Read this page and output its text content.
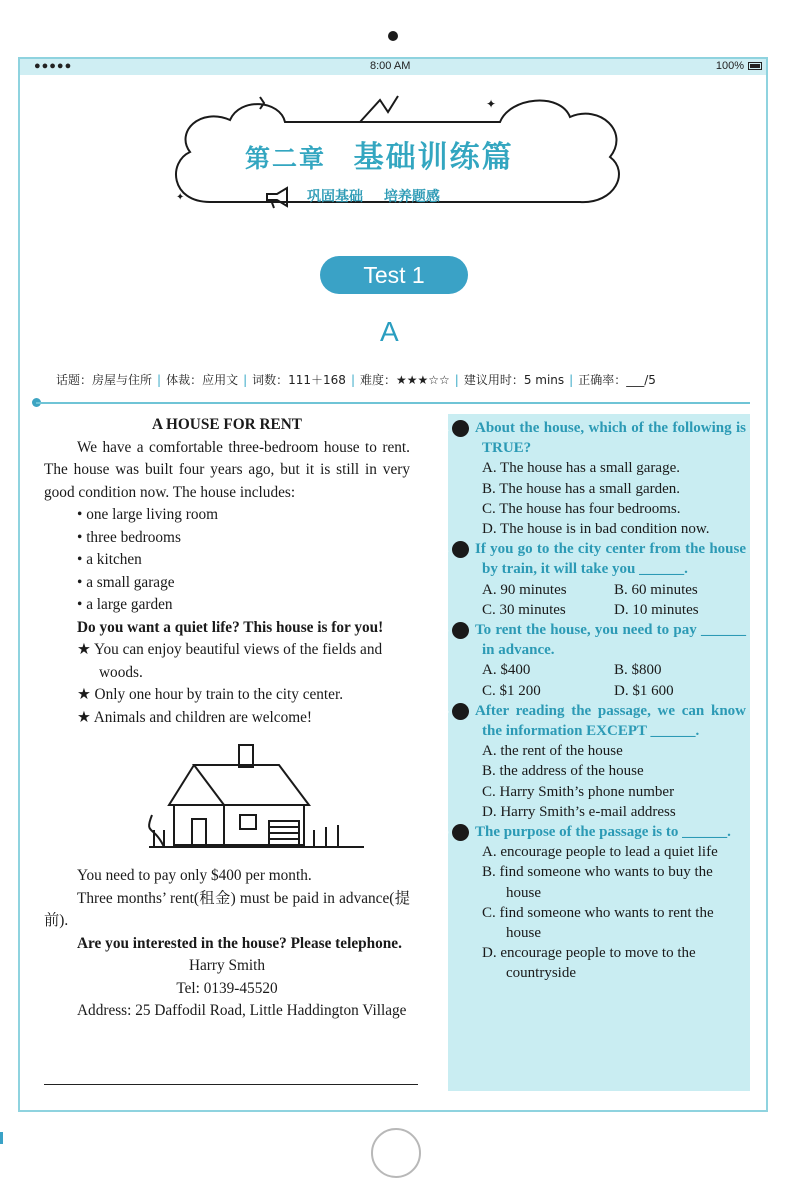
●●●●●	8:00 AM	100%
✦
✦
第二章 基础训练篇
巩固基础 培养题感
Test 1
A
话题：房屋与住所 | 体裁：应用文 | 词数：111＋168 | 难度：★★★☆☆ | 建议用时：5 mins | 正确率：___/5

A HOUSE FOR RENT

We have a comfortable three-bedroom house to rent. The house was built four years ago, but it is still in very good condition now. The house includes:

• one large living room
• three bedrooms
• a kitchen
• a small garage
• a large garden

Do you want a quiet life? This house is for you!

★ You can enjoy beautiful views of the fields and woods.

★ Only one hour by train to the city center.

★ Animals and children are welcome!

You need to pay only $400 per month.

Three months’ rent(租金) must be paid in advance(提前).

Are you interested in the house? Please telephone.

Harry Smith

Tel: 0139-45520

Address: 25 Daffodil Road, Little Haddington Village

1 About the house, which of the following is TRUE?

A. The house has a small garage.

B. The house has a small garden.

C. The house has four bedrooms.

D. The house is in bad condition now.

2 If you go to the city center from the house by train, it will take you ______.

A. 90 minutes	B. 60 minutes
C. 30 minutes	D. 10 minutes

3 To rent the house, you need to pay ______ in advance.

A. $400	B. $800
C. $1 200	D. $1 600

4 After reading the passage, we can know the information EXCEPT ______.

A. the rent of the house

B. the address of the house

C. Harry Smith’s phone number

D. Harry Smith’s e-mail address

5 The purpose of the passage is to ______.

A. encourage people to lead a quiet life

B. find someone who wants to buy the house

C. find someone who wants to rent the house

D. encourage people to move to the countryside
